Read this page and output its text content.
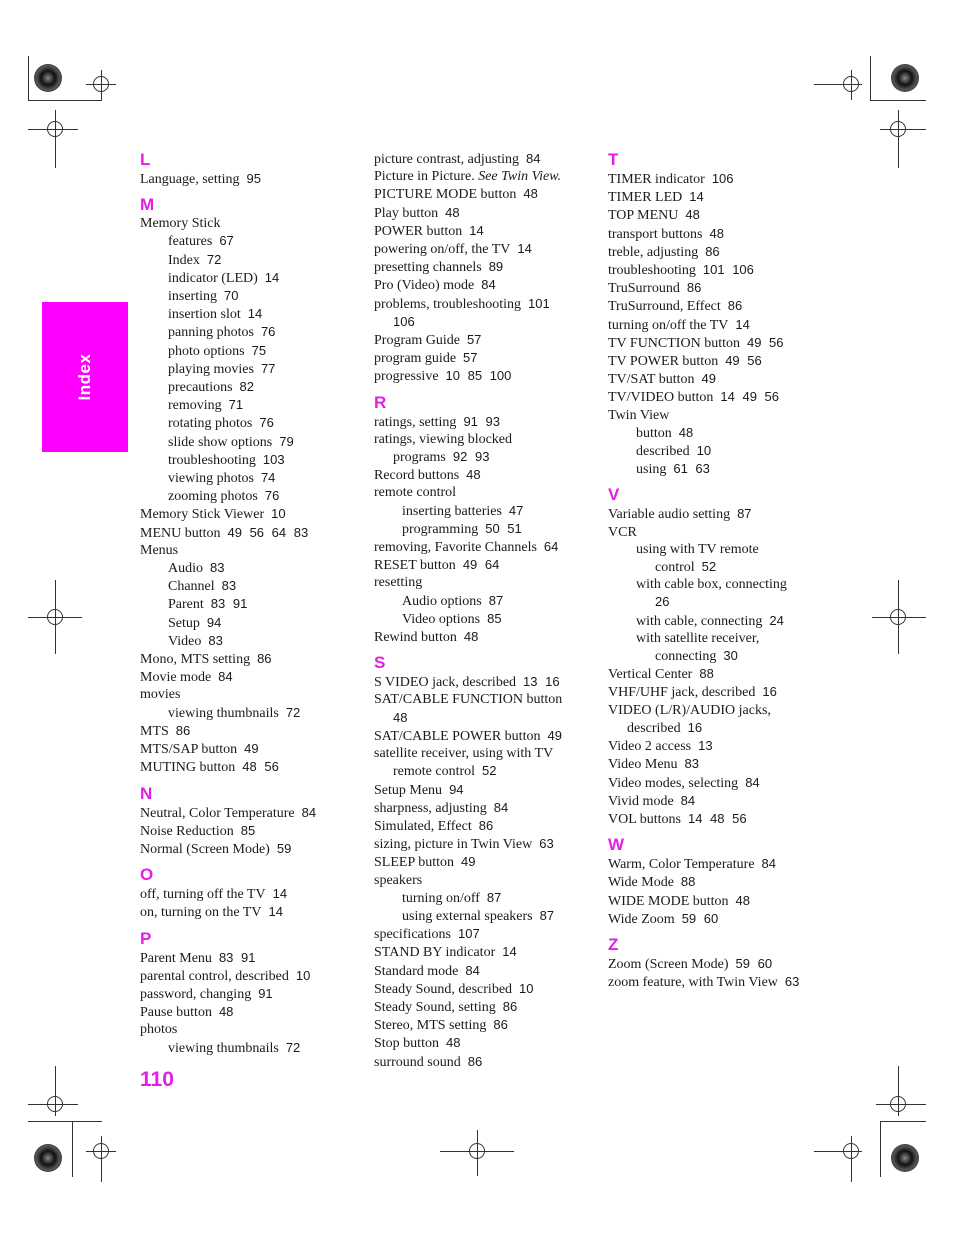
Index
L
Language, setting 95
M
Memory Stick
features 67
Index 72
indicator (LED) 14
inserting 70
insertion slot 14
panning photos 76
photo options 75
playing movies 77
precautions 82
removing 71
rotating photos 76
slide show options 79
troubleshooting 103
viewing photos 74
zooming photos 76
Memory Stick Viewer 10
MENU button 49 56 64 83
Menus
Audio 83
Channel 83
Parent 83 91
Setup 94
Video 83
Mono, MTS setting 86
Movie mode 84
movies
viewing thumbnails 72
MTS 86
MTS/SAP button 49
MUTING button 48 56
N
Neutral, Color Temperature 84
Noise Reduction 85
Normal (Screen Mode) 59
O
off, turning off the TV 14
on, turning on the TV 14
P
Parent Menu 83 91
parental control, described 10
password, changing 91
Pause button 48
photos
viewing thumbnails 72
picture contrast, adjusting 84
Picture in Picture. See Twin View.
PICTURE MODE button 48
Play button 48
POWER button 14
powering on/off, the TV 14
presetting channels 89
Pro (Video) mode 84
problems, troubleshooting 101
106
Program Guide 57
program guide 57
progressive 10 85 100
R
ratings, setting 91 93
ratings, viewing blocked
programs 92 93
Record buttons 48
remote control
inserting batteries 47
programming 50 51
removing, Favorite Channels 64
RESET button 49 64
resetting
Audio options 87
Video options 85
Rewind button 48
S
S VIDEO jack, described 13 16
SAT/CABLE FUNCTION button
48
SAT/CABLE POWER button 49
satellite receiver, using with TV
remote control 52
Setup Menu 94
sharpness, adjusting 84
Simulated, Effect 86
sizing, picture in Twin View 63
SLEEP button 49
speakers
turning on/off 87
using external speakers 87
specifications 107
STAND BY indicator 14
Standard mode 84
Steady Sound, described 10
Steady Sound, setting 86
Stereo, MTS setting 86
Stop button 48
surround sound 86
T
TIMER indicator 106
TIMER LED 14
TOP MENU 48
transport buttons 48
treble, adjusting 86
troubleshooting 101 106
TruSurround 86
TruSurround, Effect 86
turning on/off the TV 14
TV FUNCTION button 49 56
TV POWER button 49 56
TV/SAT button 49
TV/VIDEO button 14 49 56
Twin View
button 48
described 10
using 61 63
V
Variable audio setting 87
VCR
using with TV remote
control 52
with cable box, connecting
26
with cable, connecting 24
with satellite receiver,
connecting 30
Vertical Center 88
VHF/UHF jack, described 16
VIDEO (L/R)/AUDIO jacks,
described 16
Video 2 access 13
Video Menu 83
Video modes, selecting 84
Vivid mode 84
VOL buttons 14 48 56
W
Warm, Color Temperature 84
Wide Mode 88
WIDE MODE button 48
Wide Zoom 59 60
Z
Zoom (Screen Mode) 59 60
zoom feature, with Twin View 63
110
